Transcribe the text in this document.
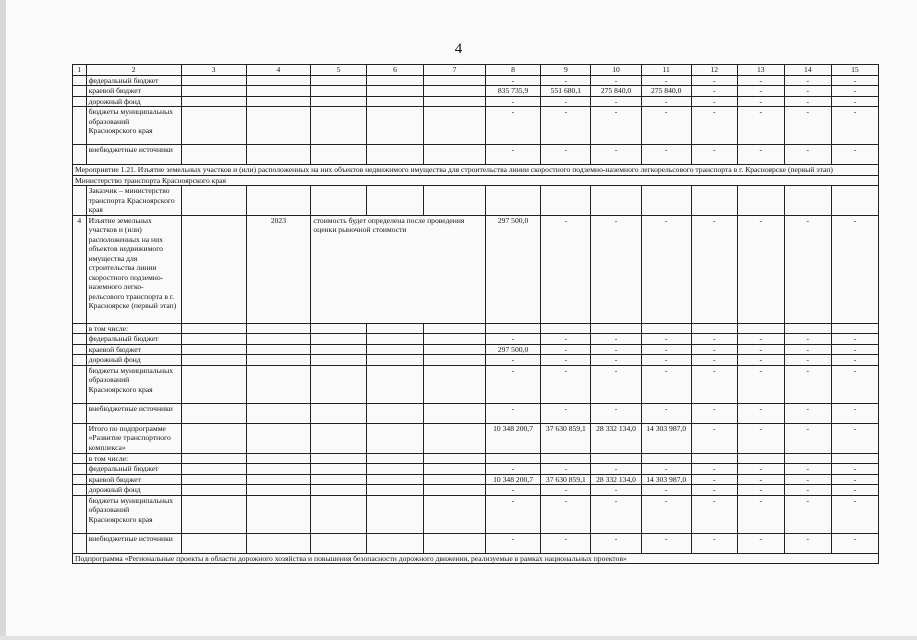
4
1	2	3	4	5	6	7	8	9	10	11	12	13	14	15
	федеральный бюджет						-	-	-	-	-	-	-	-
	краевой бюджет						835 735,9	551 680,1	275 840,0	275 840,0	-	-	-	-
	дорожный фонд						-	-	-	-	-	-	-	-
	бюджеты муниципальных образований Красноярского края						-	-	-	-	-	-	-	-
	внебюджетные источники						-	-	-	-	-	-	-	-
Мероприятие 1.21. Изъятие земельных участков и (или) расположенных на них объектов недвижимого имущества для строительства линии скоростного подземно-наземного легкорельсового транспорта в г. Красноярске (первый этап)														
Министерство транспорта Красноярского края														
	Заказчик – министерство транспорта Красноярского края													
4	Изъятие земельных участков и (или) расположенных на них объектов недвижимого имущества для строительства линии скоростного подземно-наземного легко-рельсового транспорта в г. Красноярске (первый этап)		2023	стоимость будет определена после проведения оценки рыночной стоимости			297 500,0	-	-	-	-	-	-	-
	в том числе:													
	федеральный бюджет						-	-	-	-	-	-	-	-
	краевой бюджет						297 500,0	-	-	-	-	-	-	-
	дорожный фонд						-	-	-	-	-	-	-	-
	бюджеты муниципальных образований Красноярского края						-	-	-	-	-	-	-	-
	внебюджетные источники						-	-	-	-	-	-	-	-
	Итого по подпрограмме «Развитие транспортного комплекса»						10 348 200,7	37 630 859,1	28 332 134,0	14 303 987,0	-	-	-	-
	в том числе:													
	федеральный бюджет						-	-	-	-	-	-	-	-
	краевой бюджет						10 348 200,7	37 630 859,1	28 332 134,0	14 303 987,0	-	-	-	-
	дорожный фонд						-	-	-	-	-	-	-	-
	бюджеты муниципальных образований Красноярского края						-	-	-	-	-	-	-	-
	внебюджетные источники						-	-	-	-	-	-	-	-
Подпрограмма «Региональные проекты в области дорожного хозяйства и повышения безопасности дорожного движения, реализуемые в рамках национальных проектов»														
